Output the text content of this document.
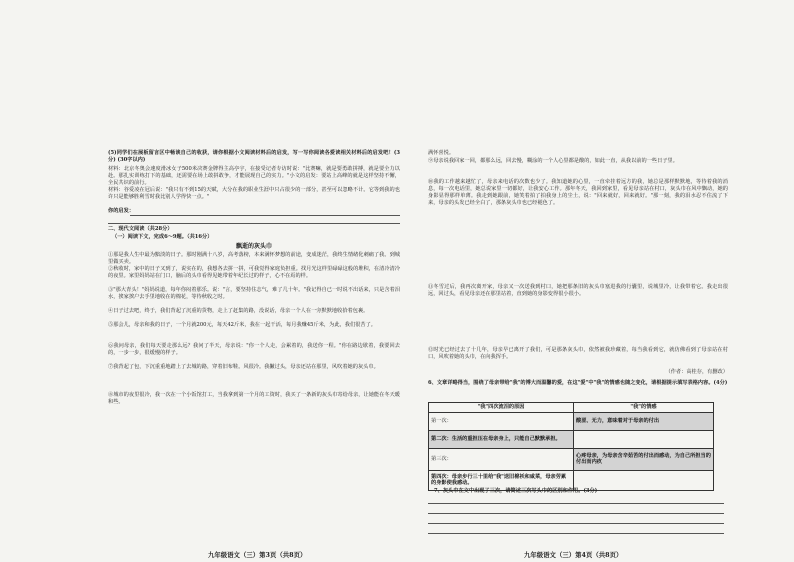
(5)同学们在展板留言区中畅谈自己的收获，请你根据小文阅读材料后的启发，写一写你阅读各爱读相关材料后的启发吧！(3分) (30字以内)
材料：北京冬奥会速度滑冰女子500米决赛金牌得主高亭宇，在接受记者专访时说："比赛嘛，就是要勇敢拼搏，就是要全力以赴。那扎实训练打下的基础，还需要在场上敢拼敢争，才能展现自己的实力。"小文的启发：要站上高峰的就是这样坚持不懈，全民共识的前行。
材料：谷爱凌在冠后说："我只有不到15的天赋，大分在我的职业生涯中只占很少的一部分，甚至可以忽略不计。它等到我的也许只是能够胜利雪时我比别人学得快一点。"
你的启发：
二、现代文阅读（共28分）
（一）阅读下文，完成6～9题。（共16分）
飘逝的灰头巾
①那是我人生中最为黯淡的日子。那时刚满十八岁，高考落榜，本来满怀梦想的前途，变成迷茫，我终生情绪化刺痛了我。到城里做买卖。
②秋收时，家中的日子又到了，说实在的，我想各去拼一拼，可我觉得家庭负担重。找月光这样里碌碌这般的堆积，在清冷清冷的夜里。家里妈妈站在门口，脑后的头巾看得见她带着年纪长过的样子，心不在焉的样。
③"那大青头！"妈妈说道，每年你闷着那乐。说："言，要坚持住志气，难了几十年。"我记得自已一时说不出话来，只是含着泪水，挨家挨户去手里地收在的棉花，等待秋收之时。
④日子过去吧，终于，我们背起了沉重的货物，走上了赶集的路，没说话，母亲一个人在一旁默默地收拾着包裹。
⑤那会儿，母亲和我的日子，一个月就200元，每天42斤米，我在一起干活，每月我赚45斤米，为此，我们很苦了。
⑥我问母亲，我们每天要走那么远？我问了半天，母亲说："你一个人走，会累着的，我送你一程。"你在路边歇着，我要回去的，一步一步，很缓慢的样子。
⑦我背起了包，下沉重重地踏上了去城的路，穿着旧布鞋。风很冷。我撇过头，母亲还站在那里，风吹着她的灰头巾。
⑧城市的夜里很冷，我一次在一个小饭馆打工，当我拿到第一个月的工资时，我买了一条新的灰头巾寄给母亲，让她能在冬天暖和些。
九年级语文（三）第3页（共8页）
满怀喜悦。
⑨母亲说我回家一回，都那么远，回去慢，糊涂的一个人心里都是酸的，如此一直，从我以前的一些日子里。
⑩我的工作越来越忙了，母亲来电话的次数也少了。我知道她的心里，一直牵挂着远方的我，她总是那样默默地，等待着我的消息，每一次电话里，她总说家里一切都好，让我安心工作。那年冬天，我回到家里，看见母亲站在村口，灰头巾在风中飘动，她的身影显得那样单薄。我走到她跟前，她笑着拍了拍我身上的尘土，说："回来就好，回来就好。"那一刻，我的泪水忍不住流了下来，母亲的头发已经全白了，那条灰头巾也已经褪色了。
⑪冬雪过后，我再次离开家，母亲又一次送我到村口，她把那条旧的灰头巾塞进我的行囊里，说城里冷，让我带着它。我走出很远，回过头，看见母亲还在那里站着，直到她的身影变得很小很小。
⑫时光已经过去了十几年，母亲早已离开了我们，可是那条灰头巾，依然被我珍藏着，每当我看到它，就仿佛看到了母亲站在村口，风吹着她的头巾，在向我挥手。
（作者：高桂存，有删改）
6、文章详略得当，围绕了母亲带给"我"的博大而温馨的爱，在这"爱"中"我"的情感也随之变化，请根据提示填写表格内容。(4分)
"我"四次流泪的原因	"我"的情感
第一次：	酸涩、无力，意味着对于母亲的付出
第二次：生活的重担压在母亲身上，只能自己默默承担。	
第三次：	心疼母亲，为母亲含辛茹苦的付出而感动，为自己所担当的付出而内疚
第四次：母亲步行三十里给"我"送旧棉袄和咸菜，母亲劳累的身影使我感动。	
7、灰头巾在文中出现了三次，请简述三次写头巾的区别和作用。(3分)
九年级语文（三）第4页（共8页）
